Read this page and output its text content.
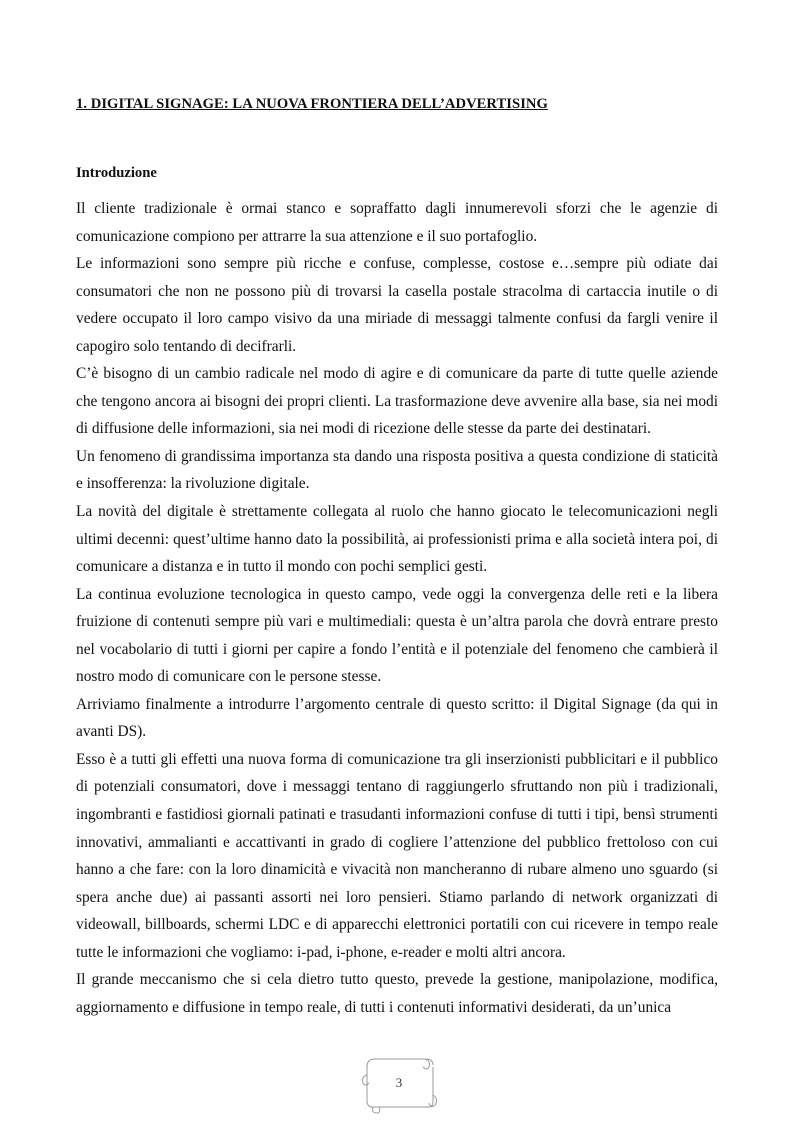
1. DIGITAL SIGNAGE: LA NUOVA FRONTIERA DELL’ADVERTISING
Introduzione

Il cliente tradizionale è ormai stanco e sopraffatto dagli innumerevoli sforzi che le agenzie di comunicazione compiono per attrarre la sua attenzione e il suo portafoglio.

Le informazioni sono sempre più ricche e confuse, complesse, costose e…sempre più odiate dai consumatori che non ne possono più di trovarsi la casella postale stracolma di cartaccia inutile o di vedere occupato il loro campo visivo da una miriade di messaggi talmente confusi da fargli venire il capogiro solo tentando di decifrarli.

C’è bisogno di un cambio radicale nel modo di agire e di comunicare da parte di tutte quelle aziende che tengono ancora ai bisogni dei propri clienti. La trasformazione deve avvenire alla base, sia nei modi di diffusione delle informazioni, sia nei modi di ricezione delle stesse da parte dei destinatari.

Un fenomeno di grandissima importanza sta dando una risposta positiva a questa condizione di staticità e insofferenza: la rivoluzione digitale.

La novità del digitale è strettamente collegata al ruolo che hanno giocato le telecomunicazioni negli ultimi decenni: quest’ultime hanno dato la possibilità, ai professionisti prima e alla società intera poi, di comunicare a distanza e in tutto il mondo con pochi semplici gesti.

La continua evoluzione tecnologica in questo campo, vede oggi la convergenza delle reti e la libera fruizione di contenuti sempre più vari e multimediali: questa è un’altra parola che dovrà entrare presto nel vocabolario di tutti i giorni per capire a fondo l’entità e il potenziale del fenomeno che cambierà il nostro modo di comunicare con le persone stesse.

Arriviamo finalmente a introdurre l’argomento centrale di questo scritto: il Digital Signage (da qui in avanti DS).

Esso è a tutti gli effetti una nuova forma di comunicazione tra gli inserzionisti pubblicitari e il pubblico di potenziali consumatori, dove i messaggi tentano di raggiungerlo sfruttando non più i tradizionali, ingombranti e fastidiosi giornali patinati e trasudanti informazioni confuse di tutti i tipi, bensì strumenti innovativi, ammalianti e accattivanti in grado di cogliere l’attenzione del pubblico frettoloso con cui hanno a che fare: con la loro dinamicità e vivacità non mancheranno di rubare almeno uno sguardo (si spera anche due) ai passanti assorti nei loro pensieri. Stiamo parlando di network organizzati di videowall, billboards, schermi LDC e di apparecchi elettronici portatili con cui ricevere in tempo reale tutte le informazioni che vogliamo: i-pad, i-phone, e-reader e molti altri ancora.

Il grande meccanismo che si cela dietro tutto questo, prevede la gestione, manipolazione, modifica, aggiornamento e diffusione in tempo reale, di tutti i contenuti informativi desiderati, da un’unica

3
